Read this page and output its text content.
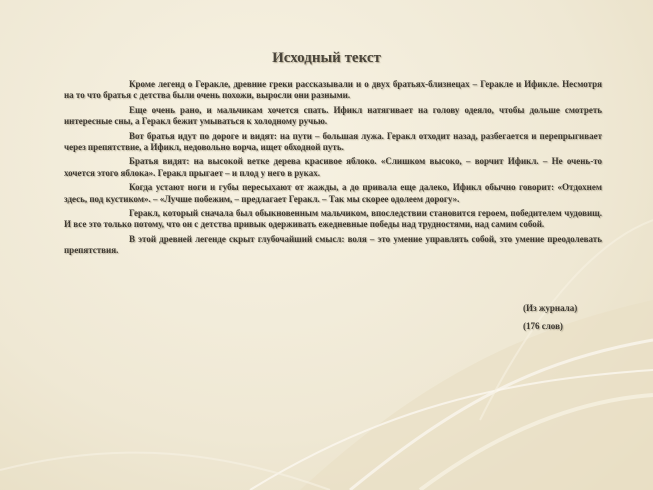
Исходный текст

Кроме легенд о Геракле, древние греки рассказывали и о двух братьях-близнецах – Геракле и Ификле. Несмотря на то что братья с детства были очень похожи, выросли они разными.

Еще очень рано, и мальчикам хочется спать. Ификл натягивает на голову одеяло, чтобы дольше смотреть интересные сны, а Геракл бежит умываться к холодному ручью.

Вот братья идут по дороге и видят: на пути – большая лужа. Геракл отходит назад, разбегается и перепрыгивает через препятствие, а Ификл, недовольно ворча, ищет обходной путь.

Братья видят: на высокой ветке дерева красивое яблоко. «Слишком высоко, – ворчит Ификл. – Не очень-то хочется этого яблока». Геракл прыгает – и плод у него в руках.

Когда устают ноги и губы пересыхают от жажды, а до привала еще далеко, Ификл обычно говорит: «Отдохнем здесь, под кустиком». – «Лучше побежим, – предлагает Геракл. – Так мы скорее одолеем дорогу».

Геракл, который сначала был обыкновенным мальчиком, впоследствии становится героем, победителем чудовищ. И все это только потому, что он с детства привык одерживать ежедневные победы над трудностями, над самим собой.

В этой древней легенде скрыт глубочайший смысл: воля – это умение управлять собой, это умение преодолевать препятствия.

(Из журнала)
(176 слов)
